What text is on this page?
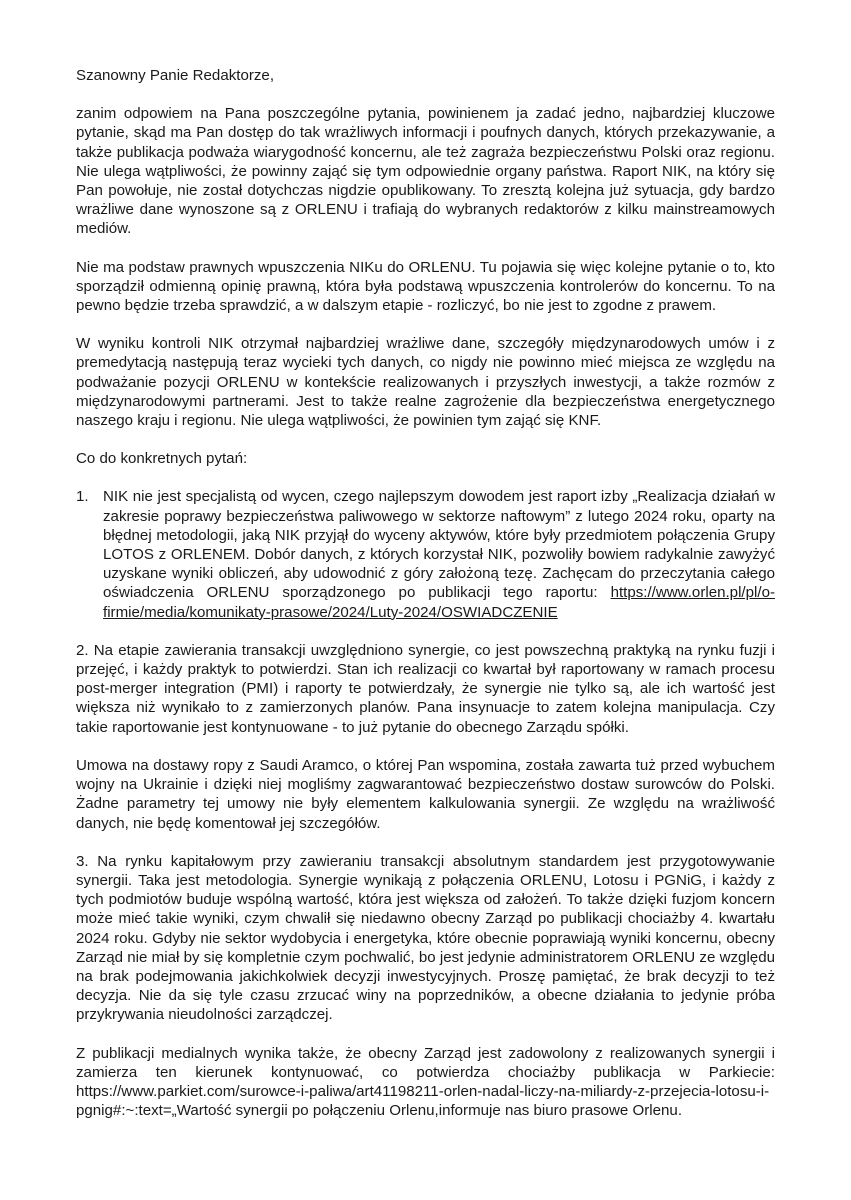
Szanowny Panie Redaktorze,

zanim odpowiem na Pana poszczególne pytania, powinienem ja zadać jedno, najbardziej kluczowe pytanie, skąd ma Pan dostęp do tak wrażliwych informacji i poufnych danych, których przekazywanie, a także publikacja podważa wiarygodność koncernu, ale też zagraża bezpieczeństwu Polski oraz regionu. Nie ulega wątpliwości, że powinny zająć się tym odpowiednie organy państwa. Raport NIK, na który się Pan powołuje, nie został dotychczas nigdzie opublikowany. To zresztą kolejna już sytuacja, gdy bardzo wrażliwe dane wynoszone są z ORLENU i trafiają do wybranych redaktorów z kilku mainstreamowych mediów.

Nie ma podstaw prawnych wpuszczenia NIKu do ORLENU. Tu pojawia się więc kolejne pytanie o to, kto sporządził odmienną opinię prawną, która była podstawą wpuszczenia kontrolerów do koncernu. To na pewno będzie trzeba sprawdzić, a w dalszym etapie - rozliczyć, bo nie jest to zgodne z prawem.

W wyniku kontroli NIK otrzymał najbardziej wrażliwe dane, szczegóły międzynarodowych umów i z premedytacją następują teraz wycieki tych danych, co nigdy nie powinno mieć miejsca ze względu na podważanie pozycji ORLENU w kontekście realizowanych i przyszłych inwestycji, a także rozmów z międzynarodowymi partnerami. Jest to także realne zagrożenie dla bezpieczeństwa energetycznego naszego kraju i regionu. Nie ulega wątpliwości, że powinien tym zająć się KNF.

Co do konkretnych pytań:

1. NIK nie jest specjalistą od wycen, czego najlepszym dowodem jest raport izby „Realizacja działań w zakresie poprawy bezpieczeństwa paliwowego w sektorze naftowym” z lutego 2024 roku, oparty na błędnej metodologii, jaką NIK przyjął do wyceny aktywów, które były przedmiotem połączenia Grupy LOTOS z ORLENEM. Dobór danych, z których korzystał NIK, pozwoliły bowiem radykalnie zawyżyć uzyskane wyniki obliczeń, aby udowodnić z góry założoną tezę. Zachęcam do przeczytania całego oświadczenia ORLENU sporządzonego po publikacji tego raportu: https://www.orlen.pl/pl/o-firmie/media/komunikaty-prasowe/2024/Luty-2024/OSWIADCZENIE

2. Na etapie zawierania transakcji uwzględniono synergie, co jest powszechną praktyką na rynku fuzji i przejęć, i każdy praktyk to potwierdzi. Stan ich realizacji co kwartał był raportowany w ramach procesu post-merger integration (PMI) i raporty te potwierdzały, że synergie nie tylko są, ale ich wartość jest większa niż wynikało to z zamierzonych planów. Pana insynuacje to zatem kolejna manipulacja. Czy takie raportowanie jest kontynuowane - to już pytanie do obecnego Zarządu spółki.

Umowa na dostawy ropy z Saudi Aramco, o której Pan wspomina, została zawarta tuż przed wybuchem wojny na Ukrainie i dzięki niej mogliśmy zagwarantować bezpieczeństwo dostaw surowców do Polski. Żadne parametry tej umowy nie były elementem kalkulowania synergii. Ze względu na wrażliwość danych, nie będę komentował jej szczegółów.

3. Na rynku kapitałowym przy zawieraniu transakcji absolutnym standardem jest przygotowywanie synergii. Taka jest metodologia. Synergie wynikają z połączenia ORLENU, Lotosu i PGNiG, i każdy z tych podmiotów buduje wspólną wartość, która jest większa od założeń. To także dzięki fuzjom koncern może mieć takie wyniki, czym chwalił się niedawno obecny Zarząd po publikacji chociażby 4. kwartału 2024 roku. Gdyby nie sektor wydobycia i energetyka, które obecnie poprawiają wyniki koncernu, obecny Zarząd nie miał by się kompletnie czym pochwalić, bo jest jedynie administratorem ORLENU ze względu na brak podejmowania jakichkolwiek decyzji inwestycyjnych. Proszę pamiętać, że brak decyzji to też decyzja. Nie da się tyle czasu zrzucać winy na poprzedników, a obecne działania to jedynie próba przykrywania nieudolności zarządczej.

Z publikacji medialnych wynika także, że obecny Zarząd jest zadowolony z realizowanych synergii i zamierza ten kierunek kontynuować, co potwierdza chociażby publikacja w Parkiecie: https://www.parkiet.com/surowce-i-paliwa/art41198211-orlen-nadal-liczy-na-miliardy-z-przejecia-lotosu-i-pgnig#:~:text=„Wartość synergii po połączeniu Orlenu,informuje nas biuro prasowe Orlenu.
